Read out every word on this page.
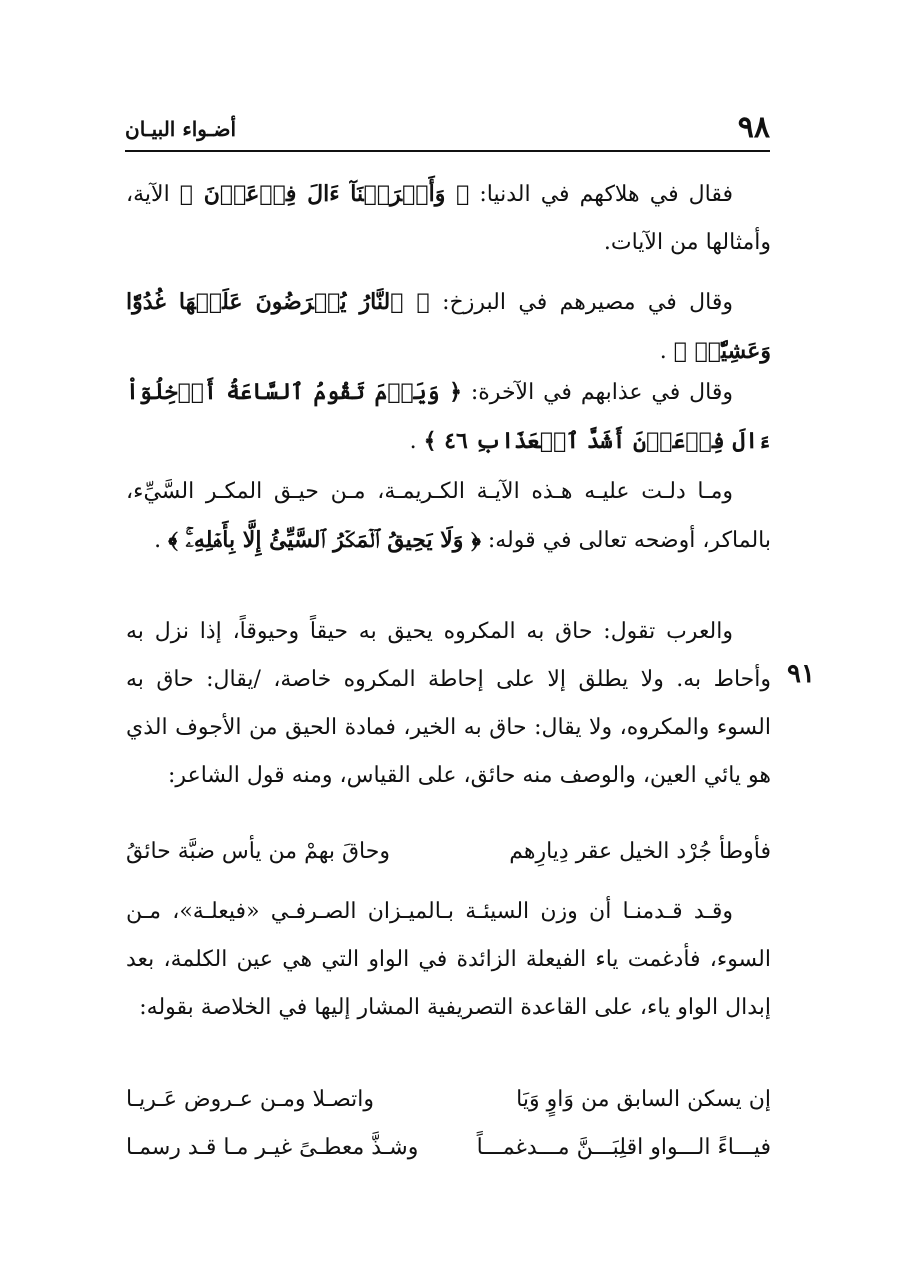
٩٨
أضـواء البيـان
فقال في هلاكهم في الدنيا: ﴿ وَأَغۡرَقۡنَآ ءَالَ فِرۡعَوۡنَ ﴾ الآية، وأمثالها من الآيات.
وقال في مصيرهم في البرزخ: ﴿ ٱلنَّارُ يُعۡرَضُونَ عَلَيۡهَا غُدُوّٗا وَعَشِيّٗاۚ ﴾ .
وقال في عذابهم في الآخرة: ﴿ وَيَوۡمَ تَقُومُ ٱلسَّاعَةُ أَدۡخِلُوٓاْ ءَالَ فِرۡعَوۡنَ أَشَدَّ ٱلۡعَذَابِ ٤٦ ﴾ .
ومـا دلـت عليـه هـذه الآيـة الكـريمـة، مـن حيـق المكـر السَّيِّء، بالماكر، أوضحه تعالى في قوله: ﴿ وَلَا يَحِيقُ ٱلۡمَكۡرُ ٱلسَّيِّئُ إِلَّا بِأَهۡلِهِۦۚ ﴾ .
والعرب تقول: حاق به المكروه يحيق به حيقاً وحيوقاً، إذا نزل به وأحاط به. ولا يطلق إلا على إحاطة المكروه خاصة، /يقال: حاق به السوء والمكروه، ولا يقال: حاق به الخير، فمادة الحيق من الأجوف الذي هو يائي العين، والوصف منه حائق، على القياس، ومنه قول الشاعر:
٩١
فأوطأ جُرْد الخيل عقر دِيارِهم
وحاقَ بهمْ من يأس ضبَّة حائقُ
وقـد قـدمنـا أن وزن السيئـة بـالميـزان الصـرفـي «فيعلـة»، مـن السوء، فأدغمت ياء الفيعلة الزائدة في الواو التي هي عين الكلمة، بعد إبدال الواو ياء، على القاعدة التصريفية المشار إليها في الخلاصة بقوله:
إن يسكن السابق من وَاوٍ وَيَا
واتصـلا ومـن عـروض عَـريـا
فيـــاءً الـــواو اقلِبَـــنَّ مـــدغمـــاً
وشـذَّ معطـىً غيـر مـا قـد رسمـا
